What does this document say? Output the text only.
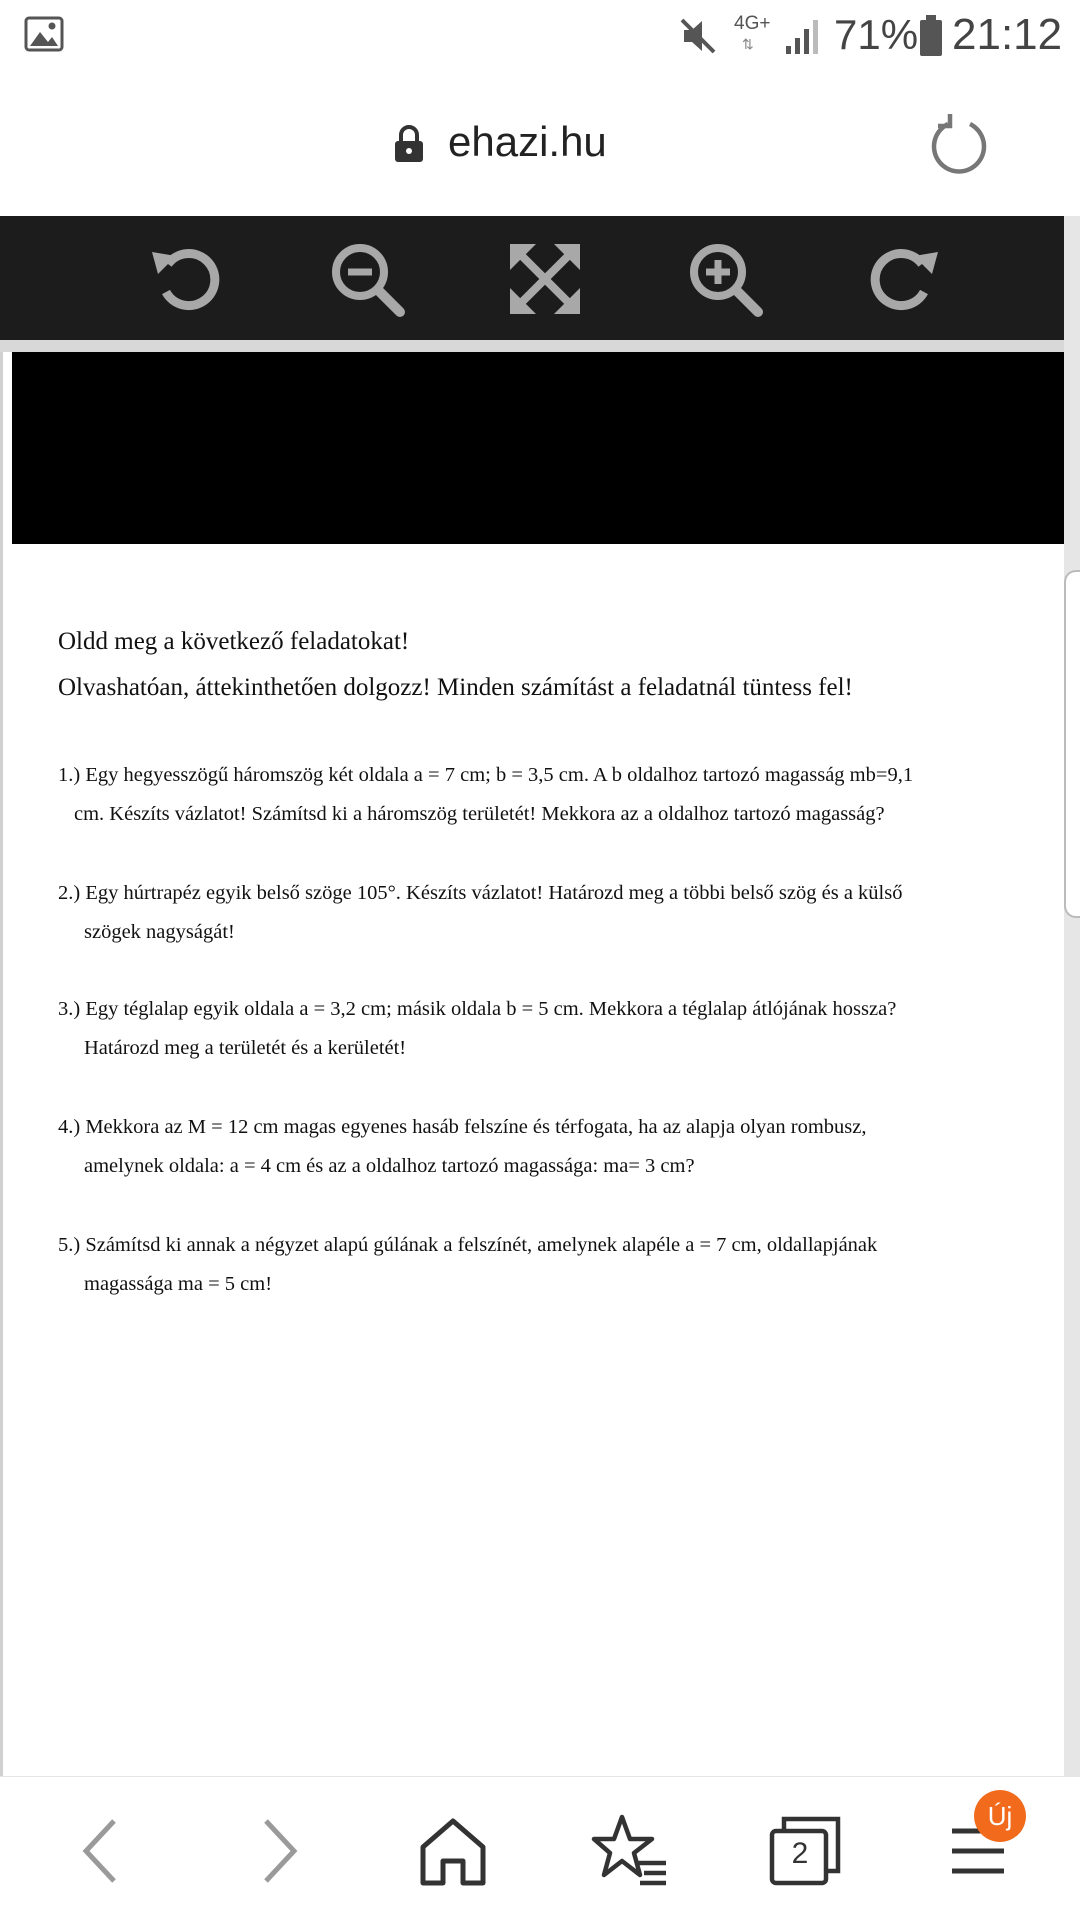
4G+
⇅ 71% 21:12
ehazi.hu
Oldd meg a következő feladatokat!
Olvashatóan, áttekinthetően dolgozz! Minden számítást a feladatnál tüntess fel!
1.) Egy hegyesszögű háromszög két oldala a = 7 cm; b = 3,5 cm. A b oldalhoz tartozó magasság mb=9,1
cm. Készíts vázlatot! Számítsd ki a háromszög területét! Mekkora az a oldalhoz tartozó magasság?
2.) Egy húrtrapéz egyik belső szöge 105°. Készíts vázlatot! Határozd meg a többi belső szög és a külső
szögek nagyságát!
3.) Egy téglalap egyik oldala a = 3,2 cm; másik oldala b = 5 cm. Mekkora a téglalap átlójának hossza?
Határozd meg a területét és a kerületét!
4.) Mekkora az M = 12 cm magas egyenes hasáb felszíne és térfogata, ha az alapja olyan rombusz,
amelynek oldala: a = 4 cm és az a oldalhoz tartozó magassága: ma= 3 cm?
5.) Számítsd ki annak a négyzet alapú gúlának a felszínét, amelynek alapéle a = 7 cm, oldallapjának
magassága ma = 5 cm!
2
Új
